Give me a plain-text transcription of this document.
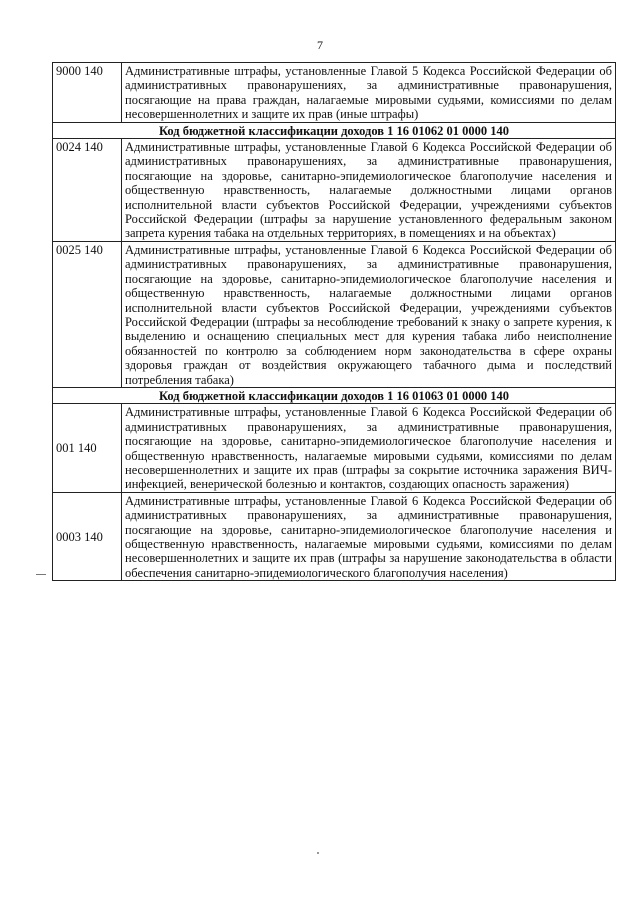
7
9000 140	Административные штрафы, установленные Главой 5 Кодекса Российской Федерации об административных правонарушениях, за административные правонарушения, посягающие на права граждан, налагаемые мировыми судьями, комиссиями по делам несовершеннолетних и защите их прав (иные штрафы)
Код бюджетной классификации доходов 1 16 01062 01 0000 140	
0024 140	Административные штрафы, установленные Главой 6 Кодекса Российской Федерации об административных правонарушениях, за административные правонарушения, посягающие на здоровье, санитарно-эпидемиологическое благополучие населения и общественную нравственность, налагаемые должностными лицами органов исполнительной власти субъектов Российской Федерации, учреждениями субъектов Российской Федерации (штрафы за нарушение установленного федеральным законом запрета курения табака на отдельных территориях, в помещениях и на объектах)
0025 140	Административные штрафы, установленные Главой 6 Кодекса Российской Федерации об административных правонарушениях, за административные правонарушения, посягающие на здоровье, санитарно-эпидемиологическое благополучие населения и общественную нравственность, налагаемые должностными лицами органов исполнительной власти субъектов Российской Федерации, учреждениями субъектов Российской Федерации (штрафы за несоблюдение требований к знаку о запрете курения, к выделению и оснащению специальных мест для курения табака либо неисполнение обязанностей по контролю за соблюдением норм законодательства в сфере охраны здоровья граждан от воздействия окружающего табачного дыма и последствий потребления табака)
Код бюджетной классификации доходов 1 16 01063 01 0000 140	
001 140	Административные штрафы, установленные Главой 6 Кодекса Российской Федерации об административных правонарушениях, за административные правонарушения, посягающие на здоровье, санитарно-эпидемиологическое благополучие населения и общественную нравственность, налагаемые мировыми судьями, комиссиями по делам несовершеннолетних и защите их прав (штрафы за сокрытие источника заражения ВИЧ-инфекцией, венерической болезнью и контактов, создающих опасность заражения)
0003 140	Административные штрафы, установленные Главой 6 Кодекса Российской Федерации об административных правонарушениях, за административные правонарушения, посягающие на здоровье, санитарно-эпидемиологическое благополучие населения и общественную нравственность, налагаемые мировыми судьями, комиссиями по делам несовершеннолетних и защите их прав (штрафы за нарушение законодательства в области обеспечения санитарно-эпидемиологического благополучия населения)
